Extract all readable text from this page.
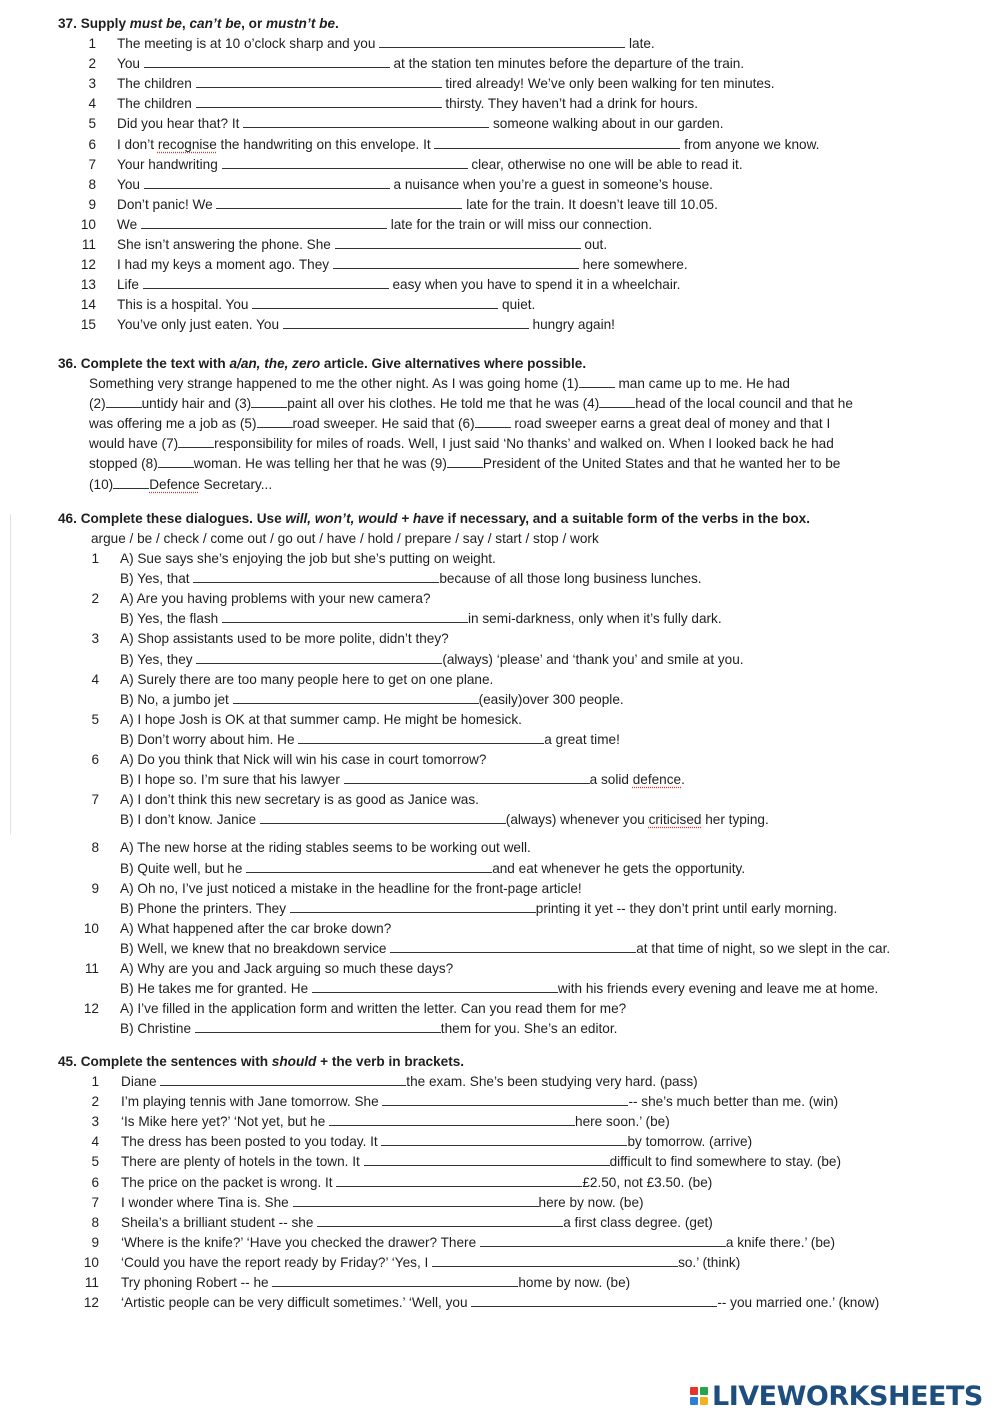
37. Supply must be, can’t be, or mustn’t be.
1 The meeting is at 10 o’clock sharp and you	late.
2 You	at the station ten minutes before the departure of the train.
3 The children	tired already! We’ve only been walking for ten minutes.
4 The children	thirsty. They haven’t had a drink for hours.
5 Did you hear that? It	someone walking about in our garden.
6 I don’t recognise the handwriting on this envelope. It	from anyone we know.
7 Your handwriting	clear, otherwise no one will be able to read it.
8 You	a nuisance when you’re a guest in someone’s house.
9 Don’t panic! We	late for the train. It doesn’t leave till 10.05.
10 We	late for the train or will miss our connection.
11 She isn’t answering the phone. She	out.
12 I had my keys a moment ago. They	here somewhere.
13 Life	easy when you have to spend it in a wheelchair.
14 This is a hospital. You	quiet.
15 You’ve only just eaten. You	hungry again!
36. Complete the text with a/an, the, zero article. Give alternatives where possible.
Something very strange happened to me the other night. As I was going home (1)	man came up to me. He had
(2)	untidy hair and (3)	paint all over his clothes. He told me that he was (4)	head of the local council and that he
was offering me a job as (5)	road sweeper. He said that (6)	road sweeper earns a great deal of money and that I
would have (7)	responsibility for miles of roads. Well, I just said ‘No thanks’ and walked on. When I looked back he had
stopped (8)	woman. He was telling her that he was (9)	President of the United States and that he wanted her to be
(10)	Defence Secretary...
46. Complete these dialogues. Use will, won’t, would + have if necessary, and a suitable form of the verbs in the box.
argue / be / check / come out / go out / have / hold / prepare / say / start / stop / work
1 A) Sue says she’s enjoying the job but she’s putting on weight.
B) Yes, that	because of all those long business lunches.
2 A) Are you having problems with your new camera?
B) Yes, the flash	in semi-darkness, only when it’s fully dark.
3 A) Shop assistants used to be more polite, didn’t they?
B) Yes, they	(always) ‘please’ and ‘thank you’ and smile at you.
4 A) Surely there are too many people here to get on one plane.
B) No, a jumbo jet	(easily)over 300 people.
5 A) I hope Josh is OK at that summer camp. He might be homesick.
B) Don’t worry about him. He	a great time!
6 A) Do you think that Nick will win his case in court tomorrow?
B) I hope so. I’m sure that his lawyer	a solid defence.
7 A) I don’t think this new secretary is as good as Janice was.
B) I don’t know. Janice	(always) whenever you criticised her typing.
8 A) The new horse at the riding stables seems to be working out well.
B) Quite well, but he	and eat whenever he gets the opportunity.
9 A) Oh no, I’ve just noticed a mistake in the headline for the front-page article!
B) Phone the printers. They	printing it yet -- they don’t print until early morning.
10 A) What happened after the car broke down?
B) Well, we knew that no breakdown service	at that time of night, so we slept in the car.
11 A) Why are you and Jack arguing so much these days?
B) He takes me for granted. He	with his friends every evening and leave me at home.
12 A) I’ve filled in the application form and written the letter. Can you read them for me?
B) Christine	them for you. She’s an editor.
45. Complete the sentences with should + the verb in brackets.
1 Diane	the exam. She’s been studying very hard. (pass)
2 I’m playing tennis with Jane tomorrow. She	-- she’s much better than me. (win)
3 ‘Is Mike here yet?’ ‘Not yet, but he	here soon.’ (be)
4 The dress has been posted to you today. It	by tomorrow. (arrive)
5 There are plenty of hotels in the town. It	difficult to find somewhere to stay. (be)
6 The price on the packet is wrong. It	£2.50, not £3.50. (be)
7 I wonder where Tina is. She	here by now. (be)
8 Sheila’s a brilliant student -- she	a first class degree. (get)
9 ‘Where is the knife?’ ‘Have you checked the drawer? There	a knife there.’ (be)
10 ‘Could you have the report ready by Friday?’ ‘Yes, I	so.’ (think)
11 Try phoning Robert -- he	home by now. (be)
12 ‘Artistic people can be very difficult sometimes.’ ‘Well, you	-- you married one.’ (know)
LIVEWORKSHEETS
